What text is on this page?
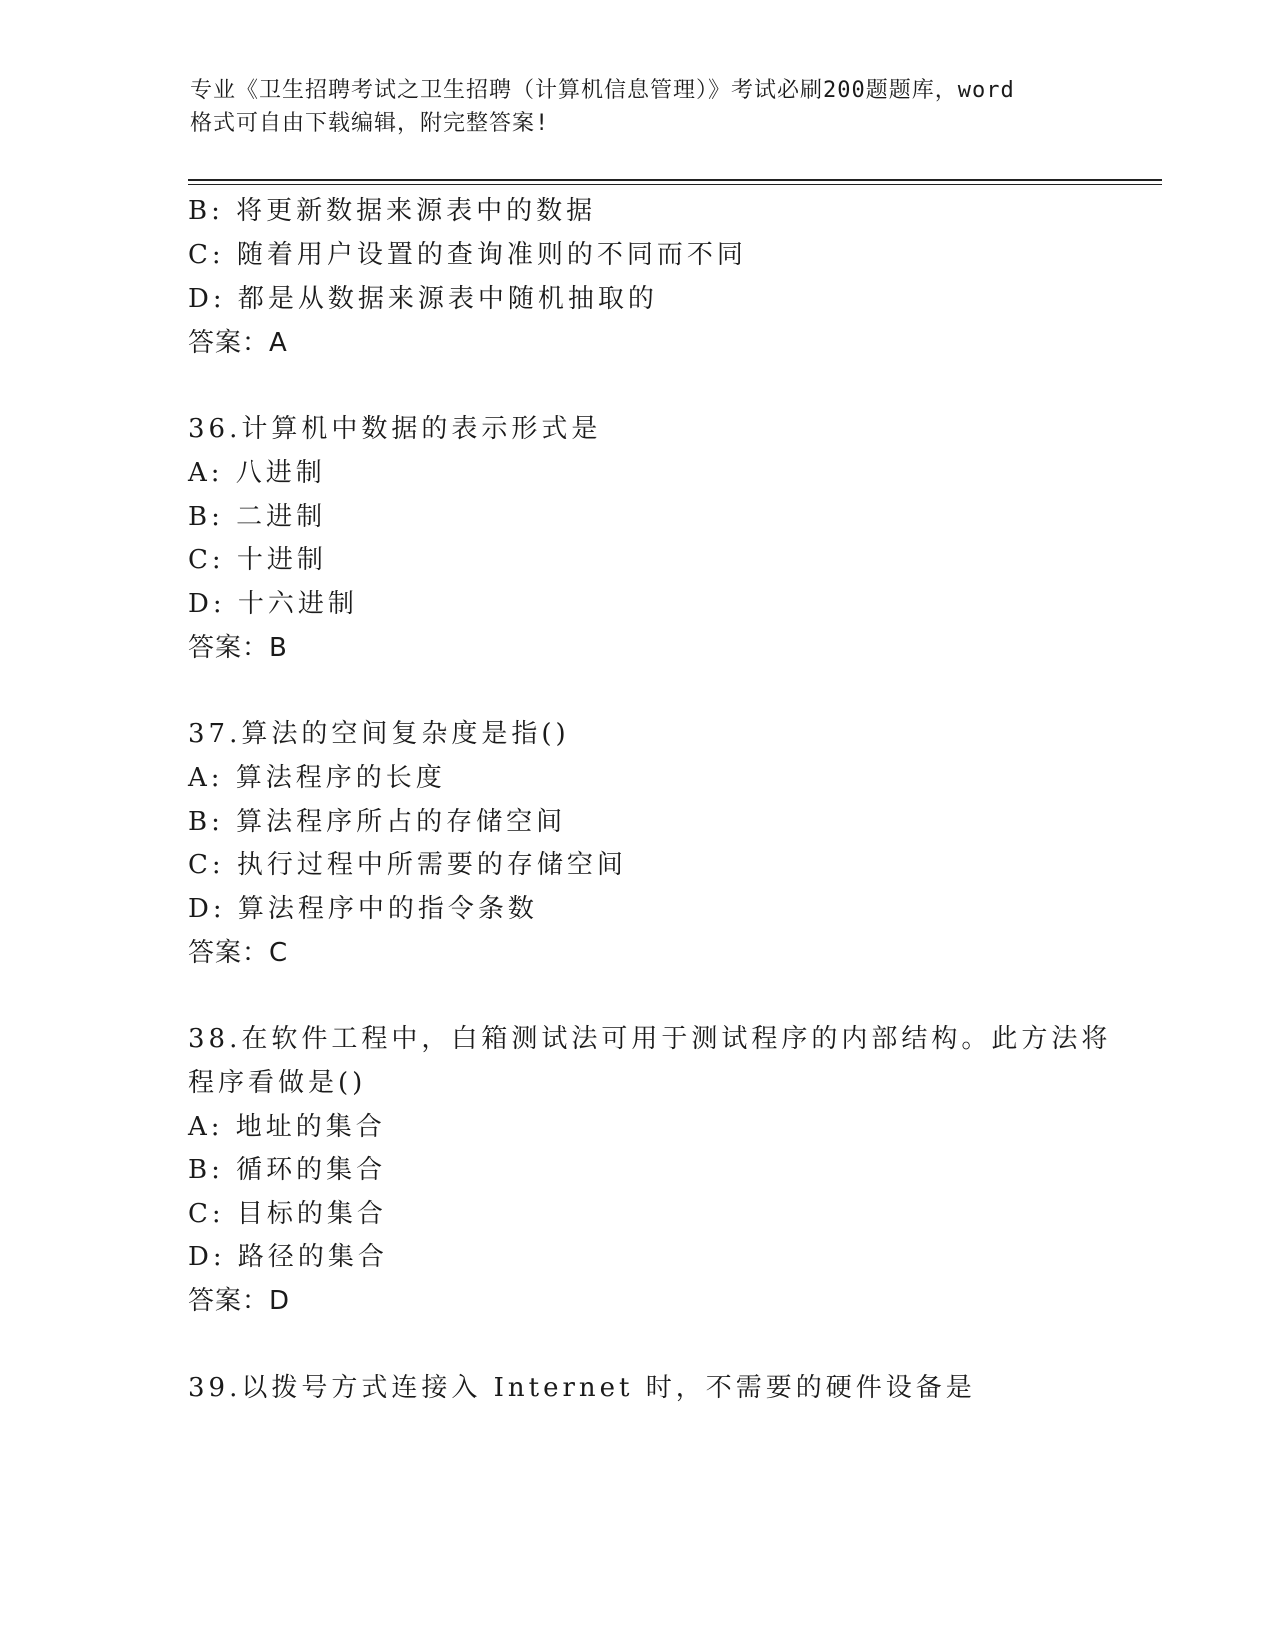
专业《卫生招聘考试之卫生招聘（计算机信息管理）》考试必刷200题题库，word
格式可自由下载编辑，附完整答案!
B: 将更新数据来源表中的数据
C: 随着用户设置的查询准则的不同而不同
D: 都是从数据来源表中随机抽取的
答案：A
36.计算机中数据的表示形式是
A: 八进制
B: 二进制
C: 十进制
D: 十六进制
答案：B
37.算法的空间复杂度是指()
A: 算法程序的长度
B: 算法程序所占的存储空间
C: 执行过程中所需要的存储空间
D: 算法程序中的指令条数
答案：C
38.在软件工程中，白箱测试法可用于测试程序的内部结构。此方法将
程序看做是()
A: 地址的集合
B: 循环的集合
C: 目标的集合
D: 路径的集合
答案：D
39.以拨号方式连接入 Internet 时，不需要的硬件设备是
